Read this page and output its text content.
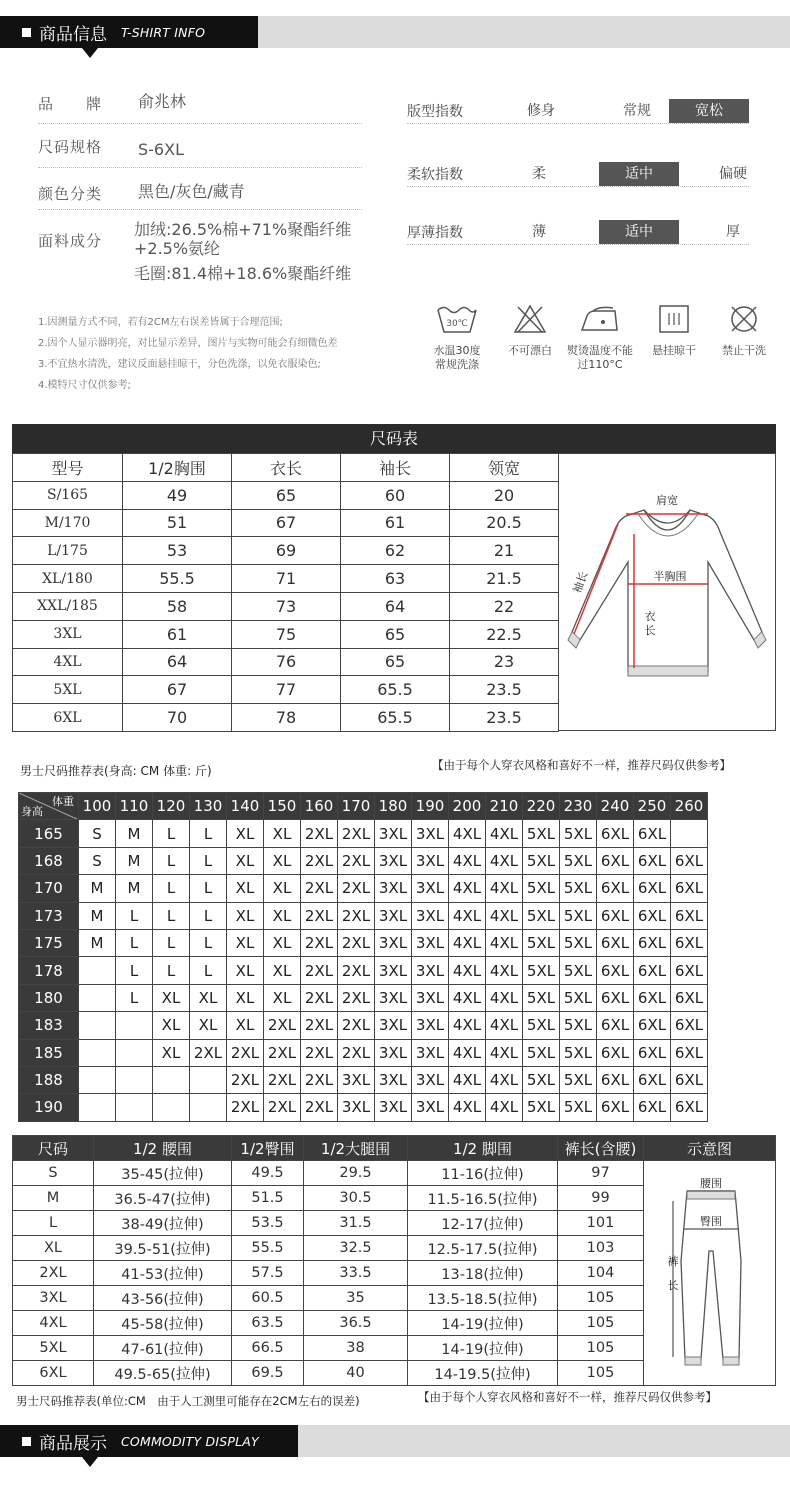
商品信息 T-SHIRT INFO
品　　牌 俞兆林
尺码规格 S-6XL
颜色分类 黑色/灰色/藏青
面料成分
加绒:26.5%棉+71%聚酯纤维
+2.5%氨纶
毛圈:81.4棉+18.6%聚酯纤维
版型指数	修身	常规	宽松
柔软指数	柔	适中	偏硬
厚薄指数	薄	适中	厚
1.因测量方式不同，若有2CM左右误差皆属于合理范围;
2.因个人显示器明亮，对比显示差异，图片与实物可能会有细微色差
3.不宜热水清洗，建议反面悬挂晾干，分色洗涤，以免衣服染色;
4.模特尺寸仅供参考;
30℃
水温30度
常规洗涤
不可漂白	熨烫温度不能
过110°C
悬挂晾干	禁止干洗
尺码表
型号	1/2胸围	衣长	袖长	领宽
S/165	49	65	60	20
M/170	51	67	61	20.5
L/175	53	69	62	21
XL/180	55.5	71	63	21.5
XXL/185	58	73	64	22
3XL	61	75	65	22.5
4XL	64	76	65	23
5XL	67	77	65.5	23.5
6XL	70	78	65.5	23.5
肩宽
半胸围
衣
长
袖长
男士尺码推荐表(身高: CM 体重: 斤)	【由于每个人穿衣风格和喜好不一样，推荐尺码仅供参考】
体重
身高	100	110	120	130	140	150	160	170	180	190	200	210	220	230	240	250	260
165	S	M	L	L	XL	XL	2XL	2XL	3XL	3XL	4XL	4XL	5XL	5XL	6XL	6XL	
168	S	M	L	L	XL	XL	2XL	2XL	3XL	3XL	4XL	4XL	5XL	5XL	6XL	6XL	6XL
170	M	M	L	L	XL	XL	2XL	2XL	3XL	3XL	4XL	4XL	5XL	5XL	6XL	6XL	6XL
173	M	L	L	L	XL	XL	2XL	2XL	3XL	3XL	4XL	4XL	5XL	5XL	6XL	6XL	6XL
175	M	L	L	L	XL	XL	2XL	2XL	3XL	3XL	4XL	4XL	5XL	5XL	6XL	6XL	6XL
178		L	L	L	XL	XL	2XL	2XL	3XL	3XL	4XL	4XL	5XL	5XL	6XL	6XL	6XL
180		L	XL	XL	XL	XL	2XL	2XL	3XL	3XL	4XL	4XL	5XL	5XL	6XL	6XL	6XL
183			XL	XL	XL	2XL	2XL	2XL	3XL	3XL	4XL	4XL	5XL	5XL	6XL	6XL	6XL
185			XL	2XL	2XL	2XL	2XL	2XL	3XL	3XL	4XL	4XL	5XL	5XL	6XL	6XL	6XL
188					2XL	2XL	2XL	3XL	3XL	3XL	4XL	4XL	5XL	5XL	6XL	6XL	6XL
190					2XL	2XL	2XL	3XL	3XL	3XL	4XL	4XL	5XL	5XL	6XL	6XL	6XL
尺码	1/2 腰围	1/2臀围	1/2大腿围	1/2 脚围	裤长(含腰)	示意图
S	35-45(拉伸)	49.5	29.5	11-16(拉伸)	97	
M	36.5-47(拉伸)	51.5	30.5	11.5-16.5(拉伸)	99	
L	38-49(拉伸)	53.5	31.5	12-17(拉伸)	101	
XL	39.5-51(拉伸)	55.5	32.5	12.5-17.5(拉伸)	103	
2XL	41-53(拉伸)	57.5	33.5	13-18(拉伸)	104	
3XL	43-56(拉伸)	60.5	35	13.5-18.5(拉伸)	105	
4XL	45-58(拉伸)	63.5	36.5	14-19(拉伸)	105	
5XL	47-61(拉伸)	66.5	38	14-19(拉伸)	105	
6XL	49.5-65(拉伸)	69.5	40	14-19.5(拉伸)	105	
腰围
臀围
裤
长
男士尺码推荐表(单位:CM　由于人工测里可能存在2CM左右的误差)	【由于每个人穿衣风格和喜好不一样，推荐尺码仅供参考】
商品展示 COMMODITY DISPLAY
